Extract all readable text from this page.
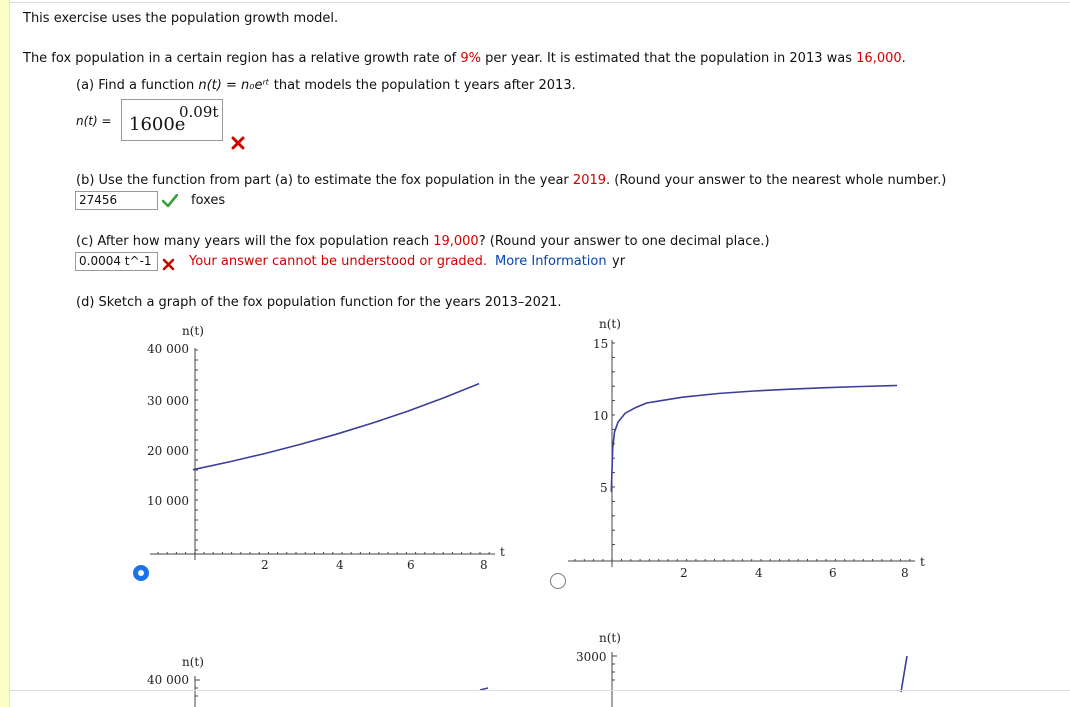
This exercise uses the population growth model.
The fox population in a certain region has a relative growth rate of 9% per year. It is estimated that the population in 2013 was 16,000.
(a) Find a function n(t) = n₀eʳᵗ that models the population t years after 2013.
n(t) = 1600e
0.09t
(b) Use the function from part (a) to estimate the fox population in the year 2019. (Round your answer to the nearest whole number.)
27456	foxes
(c) After how many years will the fox population reach 19,000? (Round your answer to one decimal place.)
0.0004 t^-1	Your answer cannot be understood or graded. More Information yr
(d) Sketch a graph of the fox population function for the years 2013–2021.
n(t)
t
2	4	6	8
10 000
20 000
30 000
40 000
n(t)
t
2	4	6	8
5
10
15
n(t)
40 000
n(t)
3000
